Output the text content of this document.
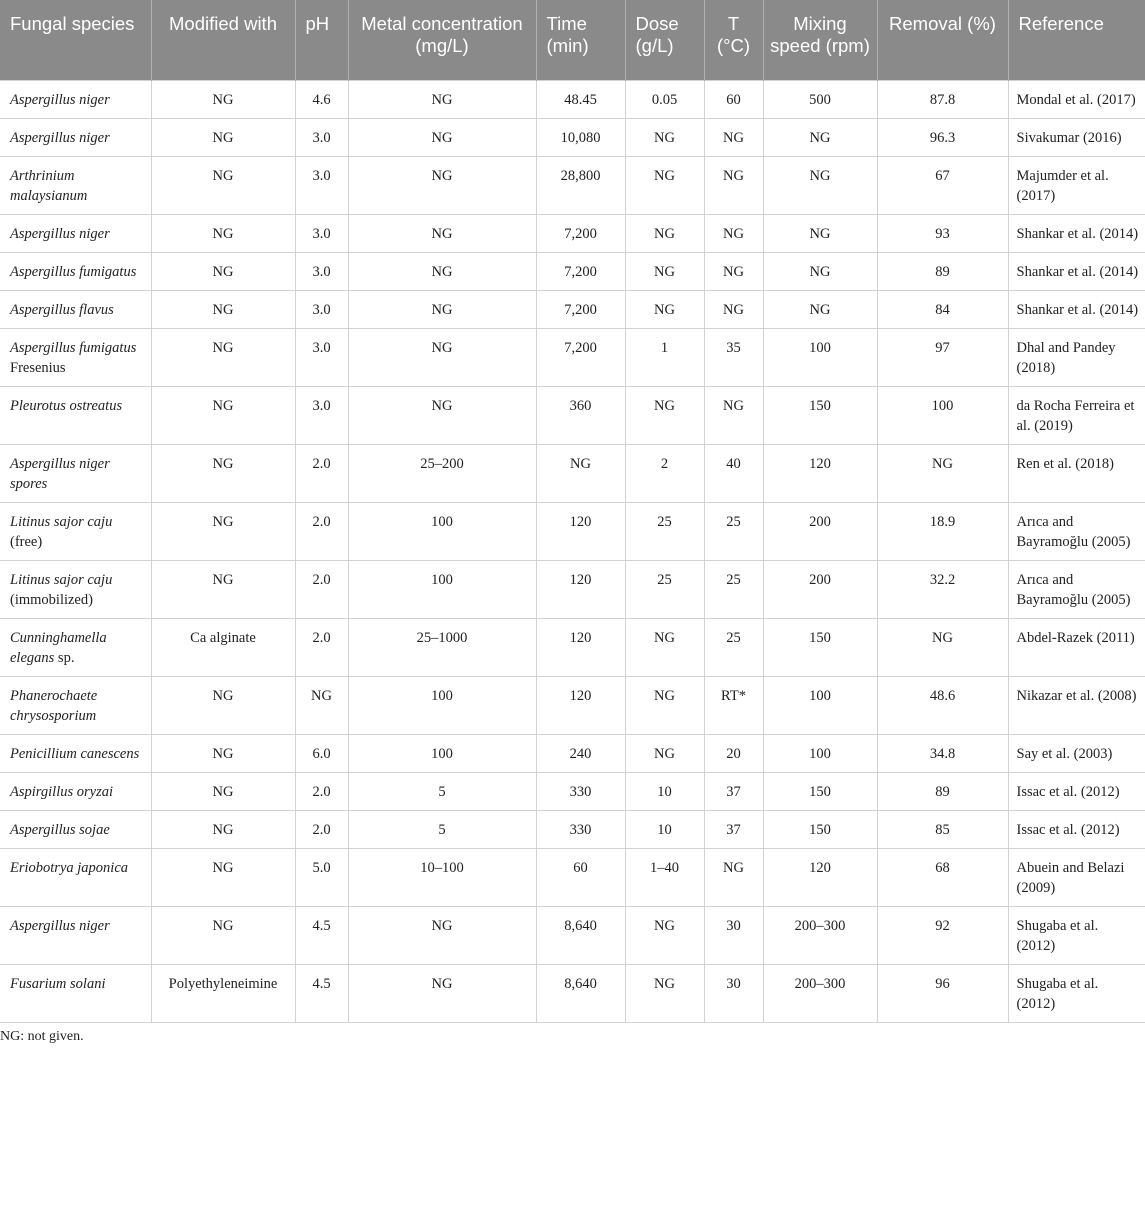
Fungal species	Modified with	pH	Metal concentration (mg/L)	Time (min)	Dose (g/L)	T (°C)	Mixing speed (rpm)	Removal (%)	Reference
Aspergillus niger	NG	4.6	NG	48.45	0.05	60	500	87.8	Mondal et al. (2017)
Aspergillus niger	NG	3.0	NG	10,080	NG	NG	NG	96.3	Sivakumar (2016)
Arthrinium malaysianum	NG	3.0	NG	28,800	NG	NG	NG	67	Majumder et al. (2017)
Aspergillus niger	NG	3.0	NG	7,200	NG	NG	NG	93	Shankar et al. (2014)
Aspergillus fumigatus	NG	3.0	NG	7,200	NG	NG	NG	89	Shankar et al. (2014)
Aspergillus flavus	NG	3.0	NG	7,200	NG	NG	NG	84	Shankar et al. (2014)
Aspergillus fumigatus Fresenius	NG	3.0	NG	7,200	1	35	100	97	Dhal and Pandey (2018)
Pleurotus ostreatus	NG	3.0	NG	360	NG	NG	150	100	da Rocha Ferreira et al. (2019)
Aspergillus niger spores	NG	2.0	25–200	NG	2	40	120	NG	Ren et al. (2018)
Litinus sajor caju (free)	NG	2.0	100	120	25	25	200	18.9	Arıca and Bayramoğlu (2005)
Litinus sajor caju (immobilized)	NG	2.0	100	120	25	25	200	32.2	Arıca and Bayramoğlu (2005)
Cunninghamella elegans sp.	Ca alginate	2.0	25–1000	120	NG	25	150	NG	Abdel-Razek (2011)
Phanerochaete chrysosporium	NG	NG	100	120	NG	RT*	100	48.6	Nikazar et al. (2008)
Penicillium canescens	NG	6.0	100	240	NG	20	100	34.8	Say et al. (2003)
Aspirgillus oryzai	NG	2.0	5	330	10	37	150	89	Issac et al. (2012)
Aspergillus sojae	NG	2.0	5	330	10	37	150	85	Issac et al. (2012)
Eriobotrya japonica	NG	5.0	10–100	60	1–40	NG	120	68	Abuein and Belazi (2009)
Aspergillus niger	NG	4.5	NG	8,640	NG	30	200–300	92	Shugaba et al. (2012)
Fusarium solani	Polyethyleneimine	4.5	NG	8,640	NG	30	200–300	96	Shugaba et al. (2012)
NG: not given.
